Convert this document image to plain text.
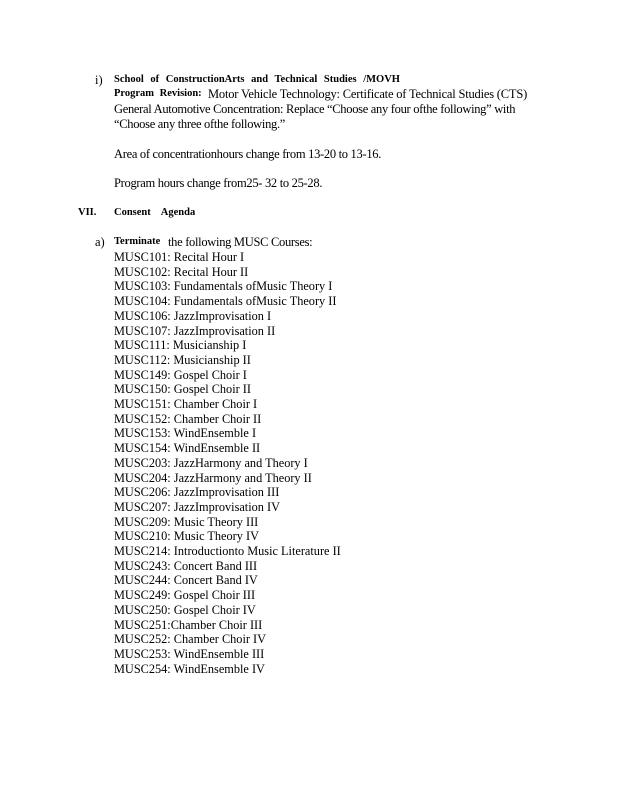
i) School of ConstructionArts and Technical Studies /MOVH
Program Revision: Motor Vehicle Technology: Certificate of Technical Studies (CTS)
General Automotive Concentration: Replace “Choose any four ofthe following” with
“Choose any three ofthe following.”
Area of concentrationhours change from 13-20 to 13-16.
Program hours change from25- 32 to 25-28.
VII. Consent Agenda
a) Terminate the following MUSC Courses:
MUSC101: Recital Hour I
MUSC102: Recital Hour II
MUSC103: Fundamentals ofMusic Theory I
MUSC104: Fundamentals ofMusic Theory II
MUSC106: JazzImprovisation I
MUSC107: JazzImprovisation II
MUSC111: Musicianship I
MUSC112: Musicianship II
MUSC149: Gospel Choir I
MUSC150: Gospel Choir II
MUSC151: Chamber Choir I
MUSC152: Chamber Choir II
MUSC153: WindEnsemble I
MUSC154: WindEnsemble II
MUSC203: JazzHarmony and Theory I
MUSC204: JazzHarmony and Theory II
MUSC206: JazzImprovisation III
MUSC207: JazzImprovisation IV
MUSC209: Music Theory III
MUSC210: Music Theory IV
MUSC214: Introductionto Music Literature II
MUSC243: Concert Band III
MUSC244: Concert Band IV
MUSC249: Gospel Choir III
MUSC250: Gospel Choir IV
MUSC251:Chamber Choir III
MUSC252: Chamber Choir IV
MUSC253: WindEnsemble III
MUSC254: WindEnsemble IV
